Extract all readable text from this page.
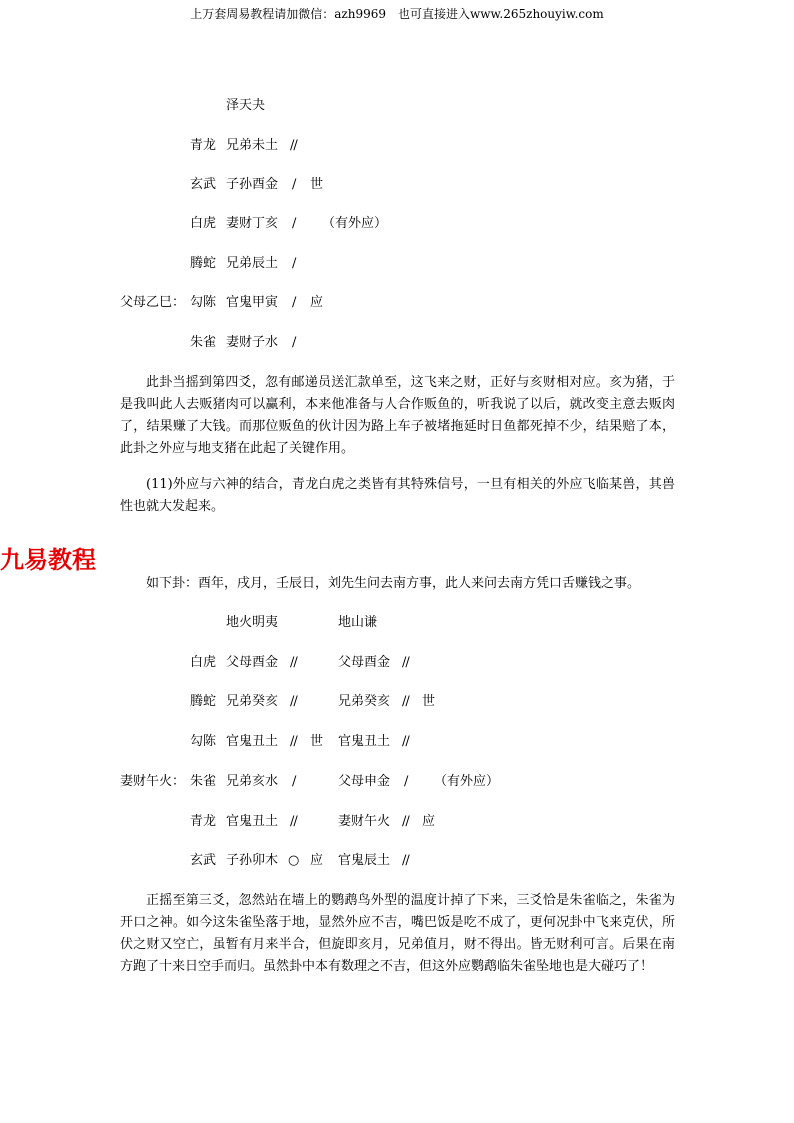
上万套周易教程请加微信：azh9969　也可直接进入www.265zhouyiw.com
泽天夬
青龙 兄弟未土 //
玄武 子孙酉金 / 世
白虎 妻财丁亥 / （有外应）
腾蛇 兄弟辰土 /
父母乙巳： 勾陈 官鬼甲寅 / 应
朱雀 妻财子水 /

此卦当摇到第四爻，忽有邮递员送汇款单至，这飞来之财，正好与亥财相对应。亥为猪，于是我叫此人去贩猪肉可以赢利，本来他准备与人合作贩鱼的，听我说了以后，就改变主意去贩肉了，结果赚了大钱。而那位贩鱼的伙计因为路上车子被堵拖延时日鱼都死掉不少，结果赔了本，此卦之外应与地支猪在此起了关键作用。

(11)外应与六神的结合，青龙白虎之类皆有其特殊信号，一旦有相关的外应飞临某兽，其兽性也就大发起来。

九易教程

如下卦：酉年，戌月，壬辰日，刘先生问去南方事，此人来问去南方凭口舌赚钱之事。

地火明夷	地山谦
白虎 父母酉金 //	父母酉金 //
腾蛇 兄弟癸亥 //	兄弟癸亥 // 世
勾陈 官鬼丑土 // 世 官鬼丑土 //
妻财午火： 朱雀 兄弟亥水 /	父母申金 / （有外应）
青龙 官鬼丑土 //	妻财午火 // 应
玄武 子孙卯木 ○ 应 官鬼辰土 //

正摇至第三爻，忽然站在墙上的鹦鹉鸟外型的温度计掉了下来，三爻恰是朱雀临之，朱雀为开口之神。如今这朱雀坠落于地，显然外应不吉，嘴巴饭是吃不成了，更何况卦中飞来克伏，所伏之财又空亡，虽暂有月来半合，但旋即亥月，兄弟值月，财不得出。皆无财利可言。后果在南方跑了十来日空手而归。虽然卦中本有数理之不吉，但这外应鹦鹉临朱雀坠地也是大碰巧了！
